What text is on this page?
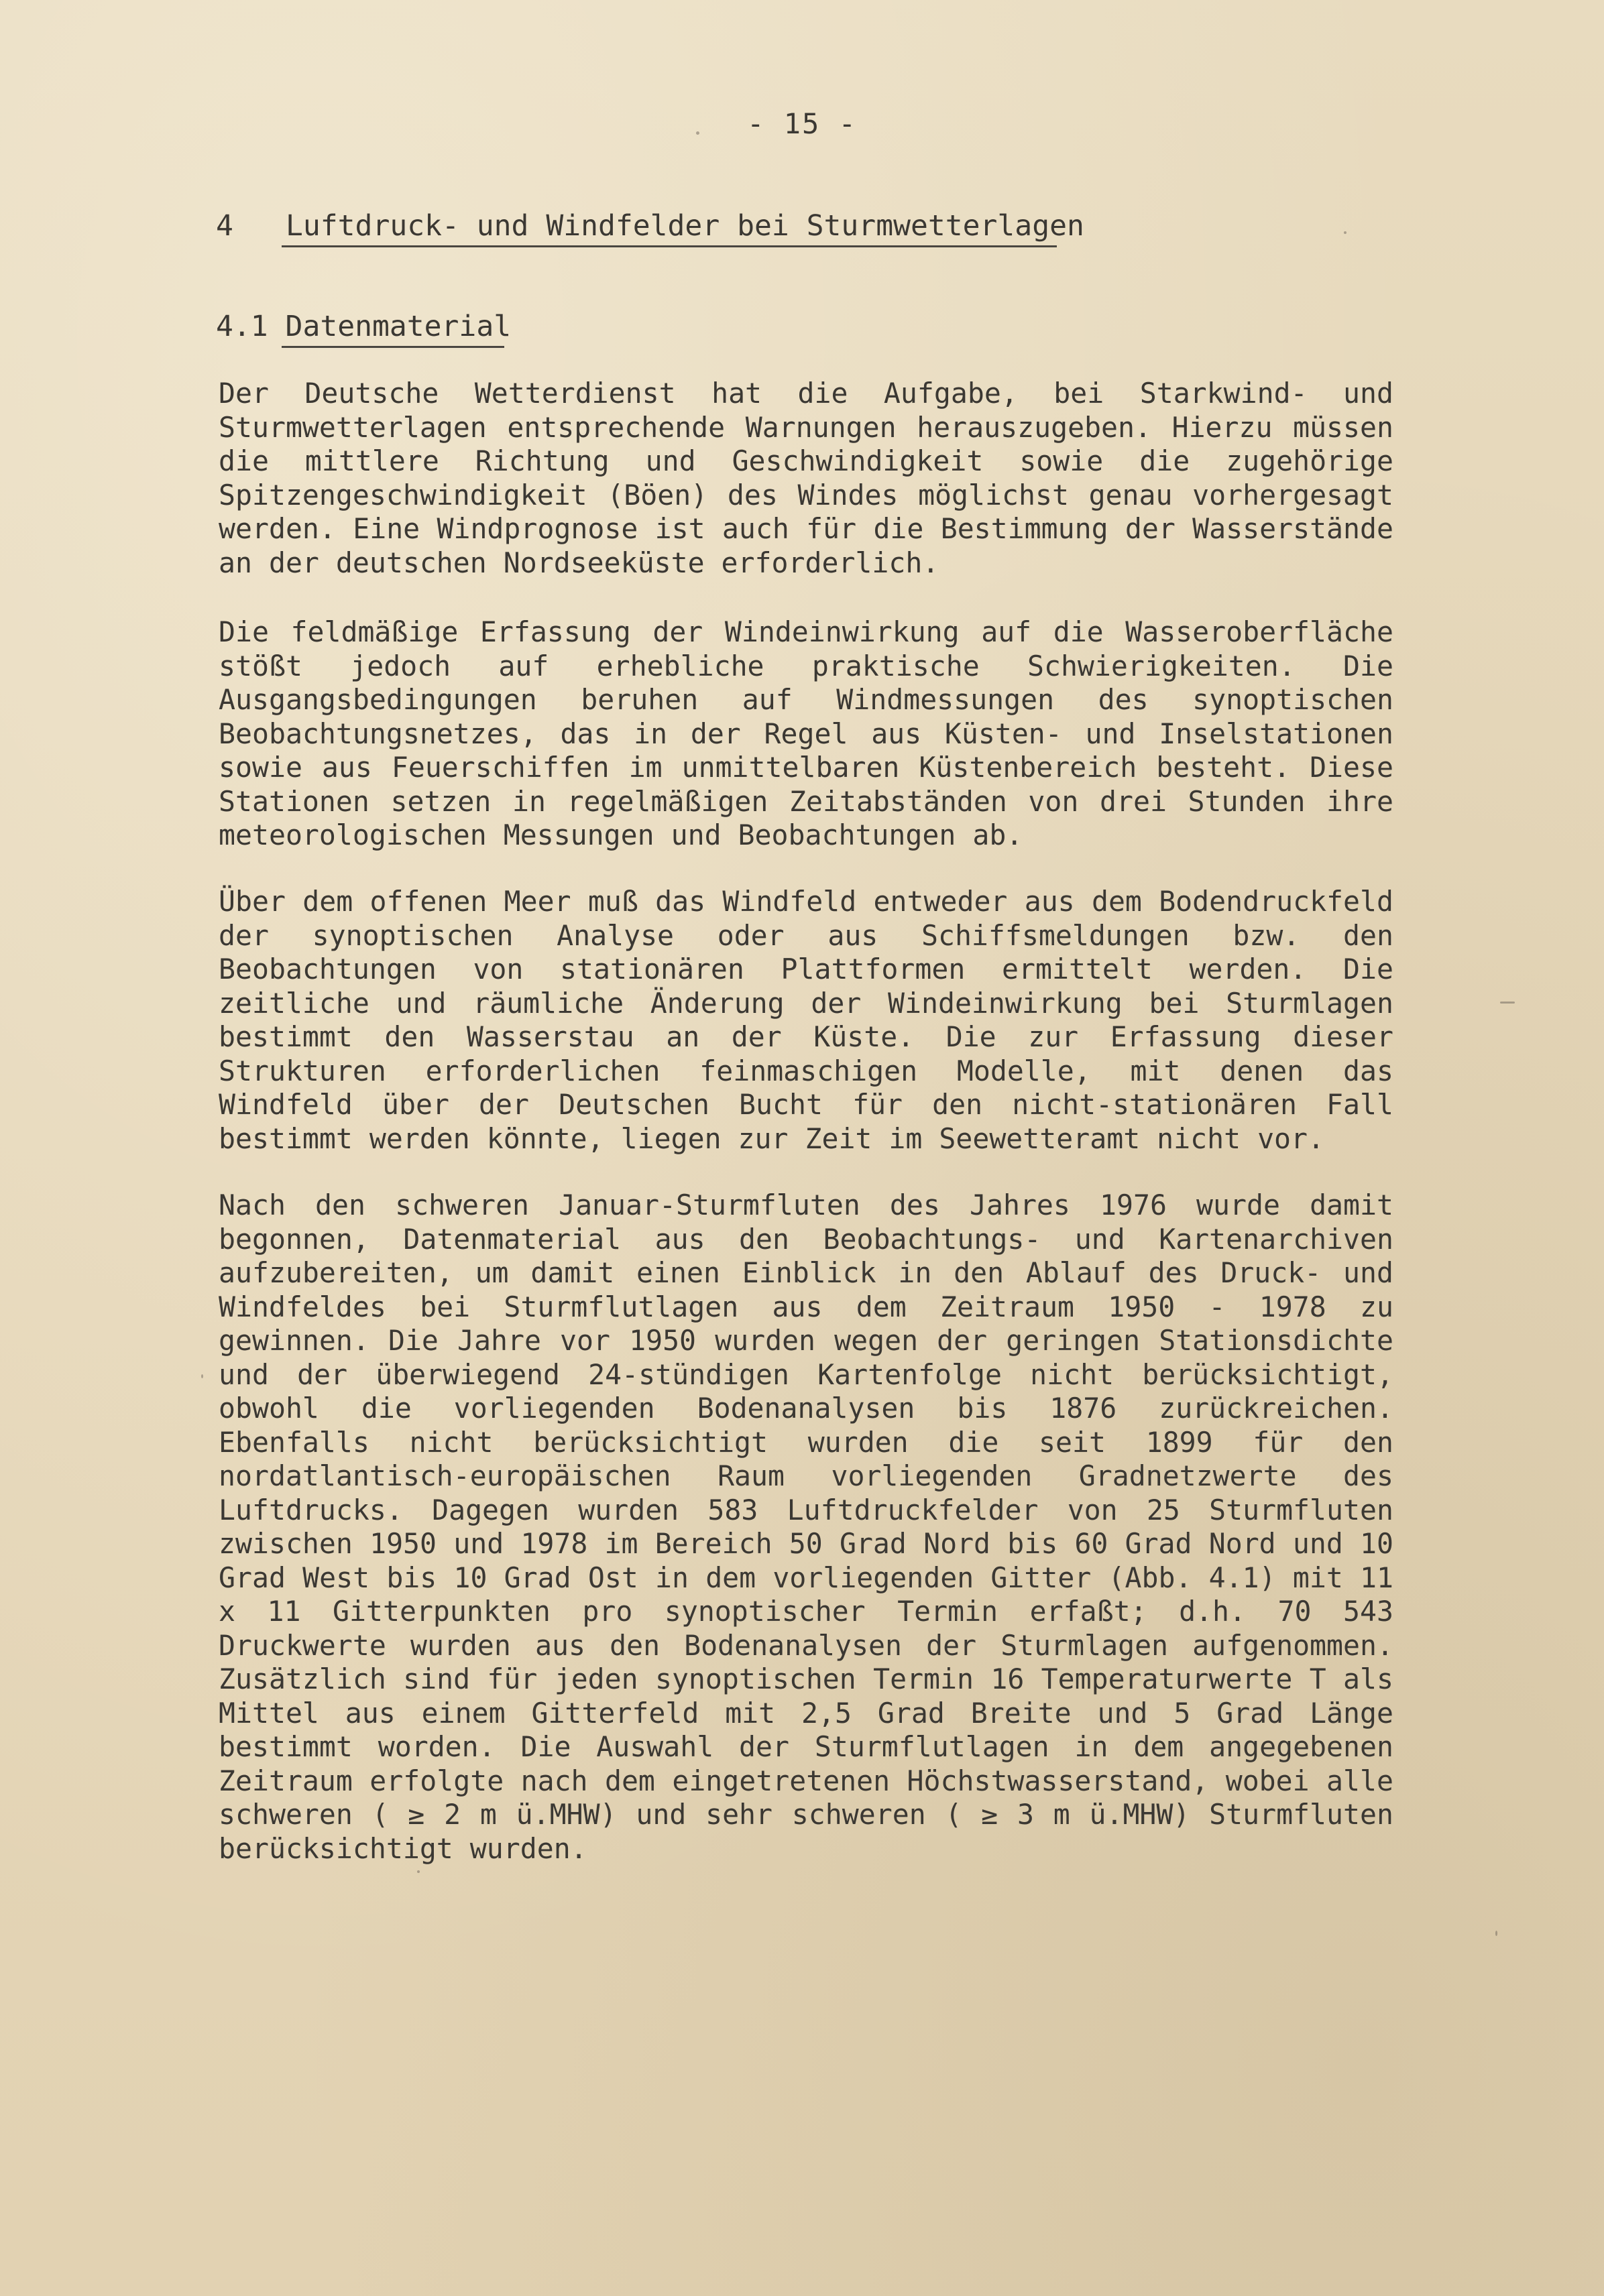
- 15 -
4 Luftdruck- und Windfelder bei Sturmwetterlagen
4.1 Datenmaterial

Der Deutsche Wetterdienst hat die Aufgabe, bei Starkwind- und Sturmwetterlagen entsprechende Warnungen herauszugeben. Hierzu müssen die mittlere Richtung und Geschwindigkeit sowie die zugehörige Spitzengeschwindigkeit (Böen) des Windes möglichst genau vorhergesagt werden. Eine Windprognose ist auch für die Bestimmung der Wasserstände an der deutschen Nordseeküste erforderlich.

Die feldmäßige Erfassung der Windeinwirkung auf die Wasseroberfläche stößt jedoch auf erhebliche praktische Schwierigkeiten. Die Ausgangsbedingungen beruhen auf Windmessungen des synoptischen Beobachtungsnetzes, das in der Regel aus Küsten- und Inselstationen sowie aus Feuerschiffen im unmittelbaren Küstenbereich besteht. Diese Stationen setzen in regelmäßigen Zeitabständen von drei Stunden ihre meteorologischen Messungen und Beobachtungen ab.

Über dem offenen Meer muß das Windfeld entweder aus dem Bodendruckfeld der synoptischen Analyse oder aus Schiffsmeldungen bzw. den Beobachtungen von stationären Plattformen ermittelt werden. Die zeitliche und räumliche Änderung der Windeinwirkung bei Sturmlagen bestimmt den Wasserstau an der Küste. Die zur Erfassung dieser Strukturen erforderlichen feinmaschigen Modelle, mit denen das Windfeld über der Deutschen Bucht für den nicht-stationären Fall bestimmt werden könnte, liegen zur Zeit im Seewetteramt nicht vor.

Nach den schweren Januar-Sturmfluten des Jahres 1976 wurde damit begonnen, Datenmaterial aus den Beobachtungs- und Kartenarchiven aufzubereiten, um damit einen Einblick in den Ablauf des Druck- und Windfeldes bei Sturmflutlagen aus dem Zeitraum 1950 - 1978 zu gewinnen. Die Jahre vor 1950 wurden wegen der geringen Stationsdichte und der überwiegend 24-stündigen Kartenfolge nicht berücksichtigt, obwohl die vorliegenden Bodenanalysen bis 1876 zurückreichen. Ebenfalls nicht berücksichtigt wurden die seit 1899 für den nordatlantisch-europäischen Raum vorliegenden Gradnetzwerte des Luftdrucks. Dagegen wurden 583 Luftdruckfelder von 25 Sturmfluten zwischen 1950 und 1978 im Bereich 50 Grad Nord bis 60 Grad Nord und 10 Grad West bis 10 Grad Ost in dem vorliegenden Gitter (Abb. 4.1) mit 11 x 11 Gitterpunkten pro synoptischer Termin erfaßt; d.h. 70 543 Druckwerte wurden aus den Bodenanalysen der Sturmlagen aufgenommen. Zusätzlich sind für jeden synoptischen Termin 16 Temperaturwerte T als Mittel aus einem Gitterfeld mit 2,5 Grad Breite und 5 Grad Länge bestimmt worden. Die Auswahl der Sturmflutlagen in dem angegebenen Zeitraum erfolgte nach dem eingetretenen Höchstwasserstand, wobei alle schweren ( ≥ 2 m ü.MHW) und sehr schweren ( ≥ 3 m ü.MHW) Sturmfluten berücksichtigt wurden.
